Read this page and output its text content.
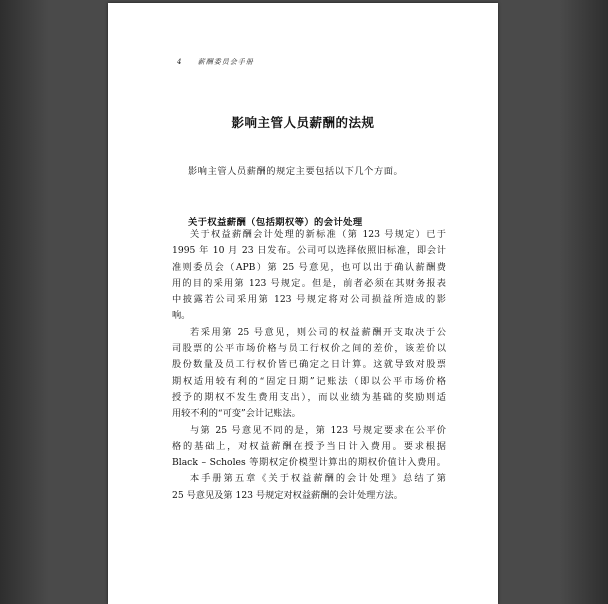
4 薪酬委员会手册
影响主管人员薪酬的法规
影响主管人员薪酬的规定主要包括以下几个方面。
关于权益薪酬（包括期权等）的会计处理
关于权益薪酬会计处理的新标准（第 123 号规定）已于
1995 年 10 月 23 日发布。公司可以选择依照旧标准，即会计
准则委员会（APB）第 25 号意见，也可以出于确认薪酬费
用的目的采用第 123 号规定。但是，前者必须在其财务报表
中披露若公司采用第 123 号规定将对公司损益所造成的影
响。
若采用第 25 号意见，则公司的权益薪酬开支取决于公
司股票的公平市场价格与员工行权价之间的差价，该差价以
股份数量及员工行权价皆已确定之日计算。这就导致对股票
期权适用较有利的“固定日期”记账法（即以公平市场价格
授予的期权不发生费用支出），而以业绩为基础的奖励则适
用较不利的“可变”会计记账法。
与第 25 号意见不同的是，第 123 号规定要求在公平价
格的基础上，对权益薪酬在授予当日计入费用。要求根据
Black – Scholes 等期权定价模型计算出的期权价值计入费用。
本手册第五章《关于权益薪酬的会计处理》总结了第
25 号意见及第 123 号规定对权益薪酬的会计处理方法。
